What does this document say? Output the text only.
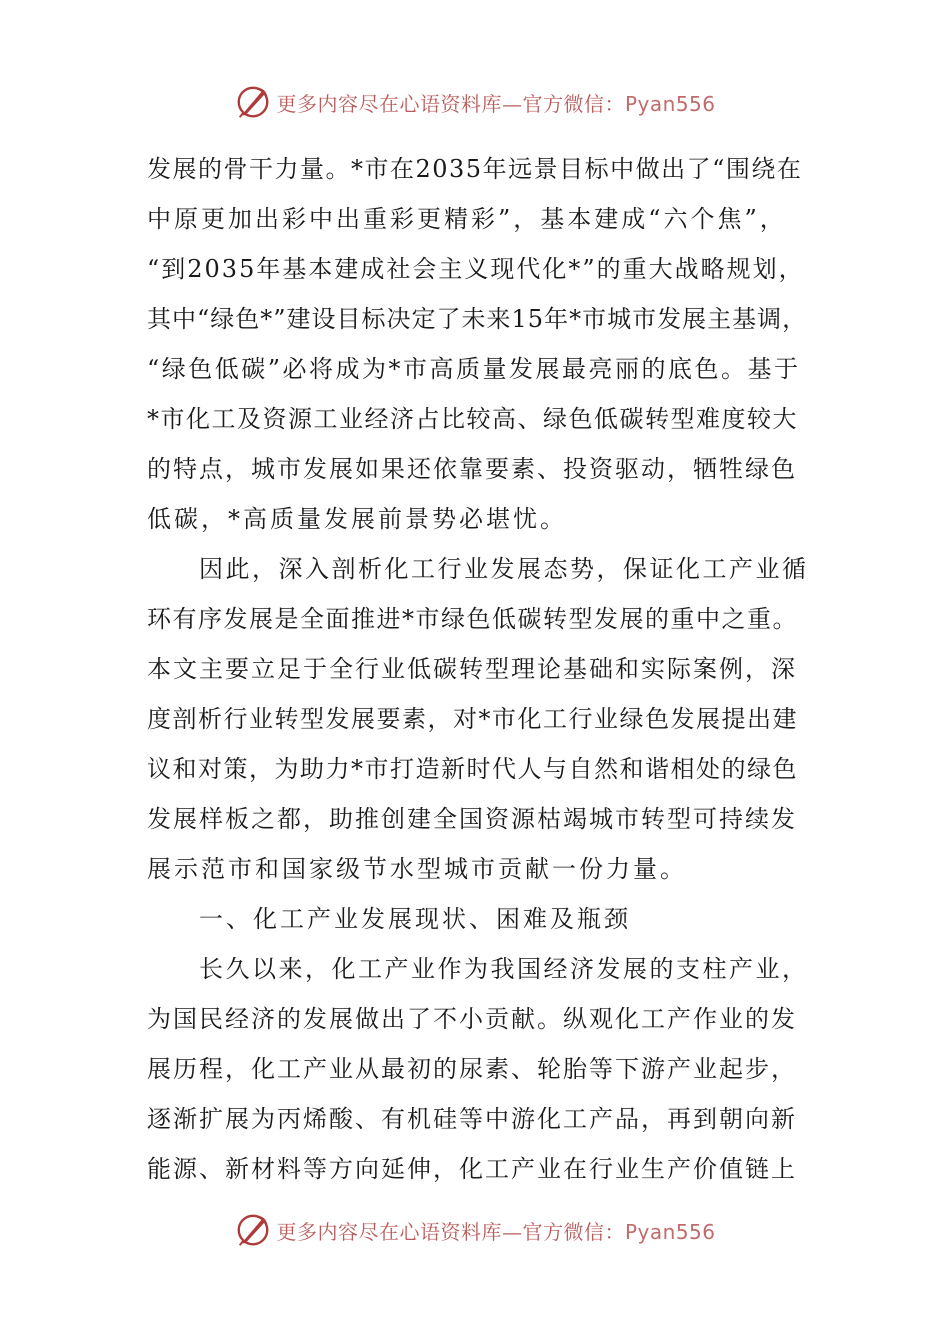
更多内容尽在心语资料库—官方微信：Pyan556
发展的骨干力量。*市在2035年远景目标中做出了“围绕在
中原更加出彩中出重彩更精彩”，基本建成“六个焦”，
“到2035年基本建成社会主义现代化*”的重大战略规划，
其中“绿色*”建设目标决定了未来15年*市城市发展主基调，
“绿色低碳”必将成为*市高质量发展最亮丽的底色。基于
*市化工及资源工业经济占比较高、绿色低碳转型难度较大
的特点，城市发展如果还依靠要素、投资驱动，牺牲绿色
低碳，*高质量发展前景势必堪忧。
因此，深入剖析化工行业发展态势，保证化工产业循
环有序发展是全面推进*市绿色低碳转型发展的重中之重。
本文主要立足于全行业低碳转型理论基础和实际案例，深
度剖析行业转型发展要素，对*市化工行业绿色发展提出建
议和对策，为助力*市打造新时代人与自然和谐相处的绿色
发展样板之都，助推创建全国资源枯竭城市转型可持续发
展示范市和国家级节水型城市贡献一份力量。
一、化工产业发展现状、困难及瓶颈
长久以来，化工产业作为我国经济发展的支柱产业，
为国民经济的发展做出了不小贡献。纵观化工产作业的发
展历程，化工产业从最初的尿素、轮胎等下游产业起步，
逐渐扩展为丙烯酸、有机硅等中游化工产品，再到朝向新
能源、新材料等方向延伸，化工产业在行业生产价值链上
更多内容尽在心语资料库—官方微信：Pyan556
